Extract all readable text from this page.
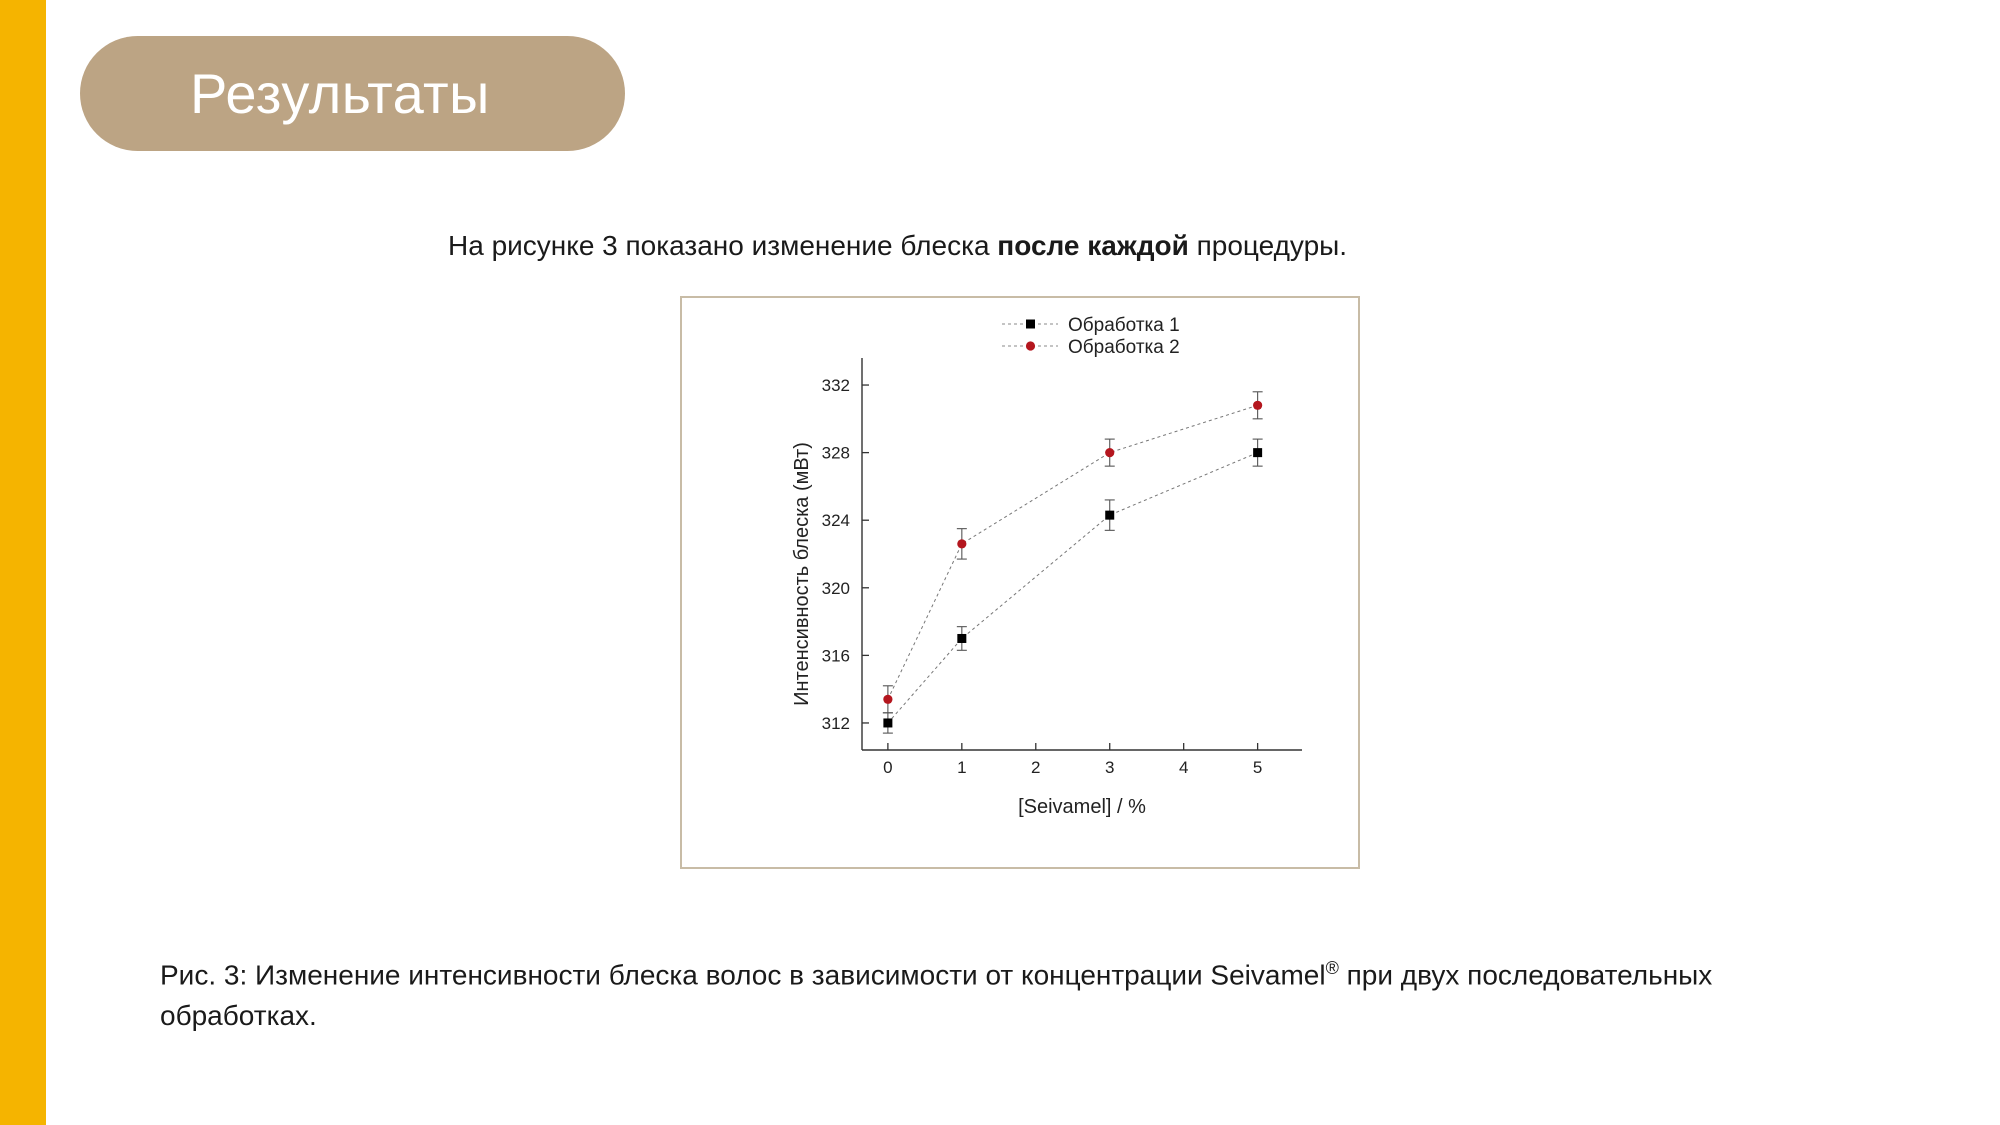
Результаты
На рисунке 3 показано изменение блеска после каждой процедуры.
0	1	2	3	4	5
312
316
320
324
328
332
[Seivamel] / %
Интенсивность блеска (мВт)
Обработка 1
Обработка 2
Рис. 3: Изменение интенсивности блеска волос в зависимости от концентрации Seivamel® при двух последовательных обработках.
